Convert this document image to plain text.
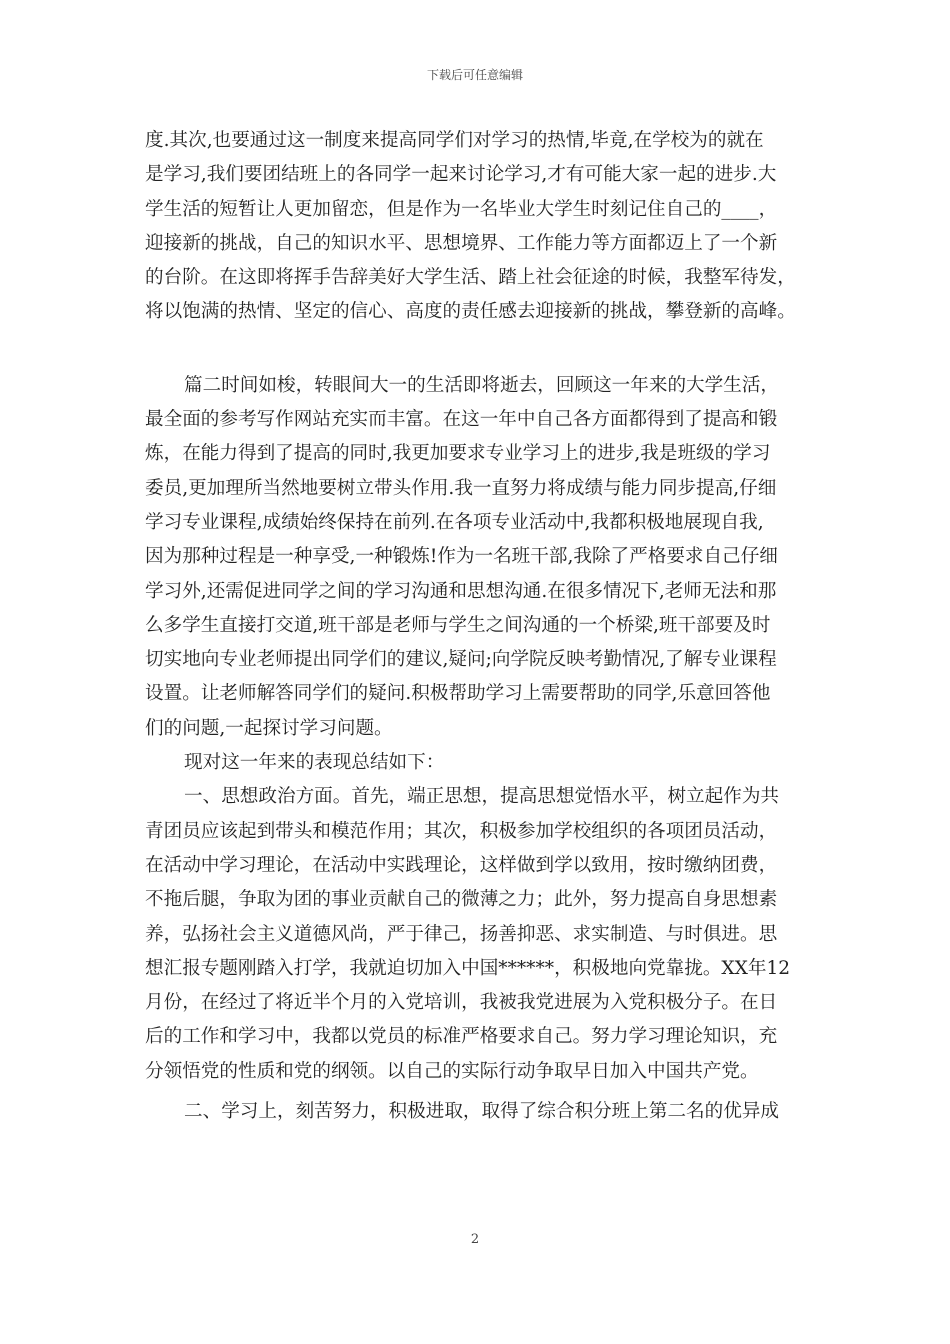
下载后可任意编辑
度.其次,也要通过这一制度来提高同学们对学习的热情,毕竟,在学校为的就在
是学习,我们要团结班上的各同学一起来讨论学习,才有可能大家一起的进步.大
学生活的短暂让人更加留恋，但是作为一名毕业大学生时刻记住自己的____，
迎接新的挑战，自己的知识水平、思想境界、工作能力等方面都迈上了一个新
的台阶。在这即将挥手告辞美好大学生活、踏上社会征途的时候，我整军待发，
将以饱满的热情、坚定的信心、高度的责任感去迎接新的挑战，攀登新的高峰。
篇二时间如梭，转眼间大一的生活即将逝去，回顾这一年来的大学生活，
最全面的参考写作网站充实而丰富。在这一年中自己各方面都得到了提高和锻
炼，在能力得到了提高的同时,我更加要求专业学习上的进步,我是班级的学习
委员,更加理所当然地要树立带头作用.我一直努力将成绩与能力同步提高,仔细
学习专业课程,成绩始终保持在前列.在各项专业活动中,我都积极地展现自我,
因为那种过程是一种享受,一种锻炼!作为一名班干部,我除了严格要求自己仔细
学习外,还需促进同学之间的学习沟通和思想沟通.在很多情况下,老师无法和那
么多学生直接打交道,班干部是老师与学生之间沟通的一个桥梁,班干部要及时
切实地向专业老师提出同学们的建议,疑问;向学院反映考勤情况,了解专业课程
设置。让老师解答同学们的疑问.积极帮助学习上需要帮助的同学,乐意回答他
们的问题,一起探讨学习问题。
现对这一年来的表现总结如下：
一、思想政治方面。首先，端正思想，提高思想觉悟水平，树立起作为共
青团员应该起到带头和模范作用；其次，积极参加学校组织的各项团员活动，
在活动中学习理论，在活动中实践理论，这样做到学以致用，按时缴纳团费，
不拖后腿，争取为团的事业贡献自己的微薄之力；此外，努力提高自身思想素
养，弘扬社会主义道德风尚，严于律己，扬善抑恶、求实制造、与时俱进。思
想汇报专题刚踏入打学，我就迫切加入中国******，积极地向党靠拢。XX年12
月份，在经过了将近半个月的入党培训，我被我党进展为入党积极分子。在日
后的工作和学习中，我都以党员的标准严格要求自己。努力学习理论知识，充
分领悟党的性质和党的纲领。以自己的实际行动争取早日加入中国共产党。
二、学习上，刻苦努力，积极进取，取得了综合积分班上第二名的优异成
2
